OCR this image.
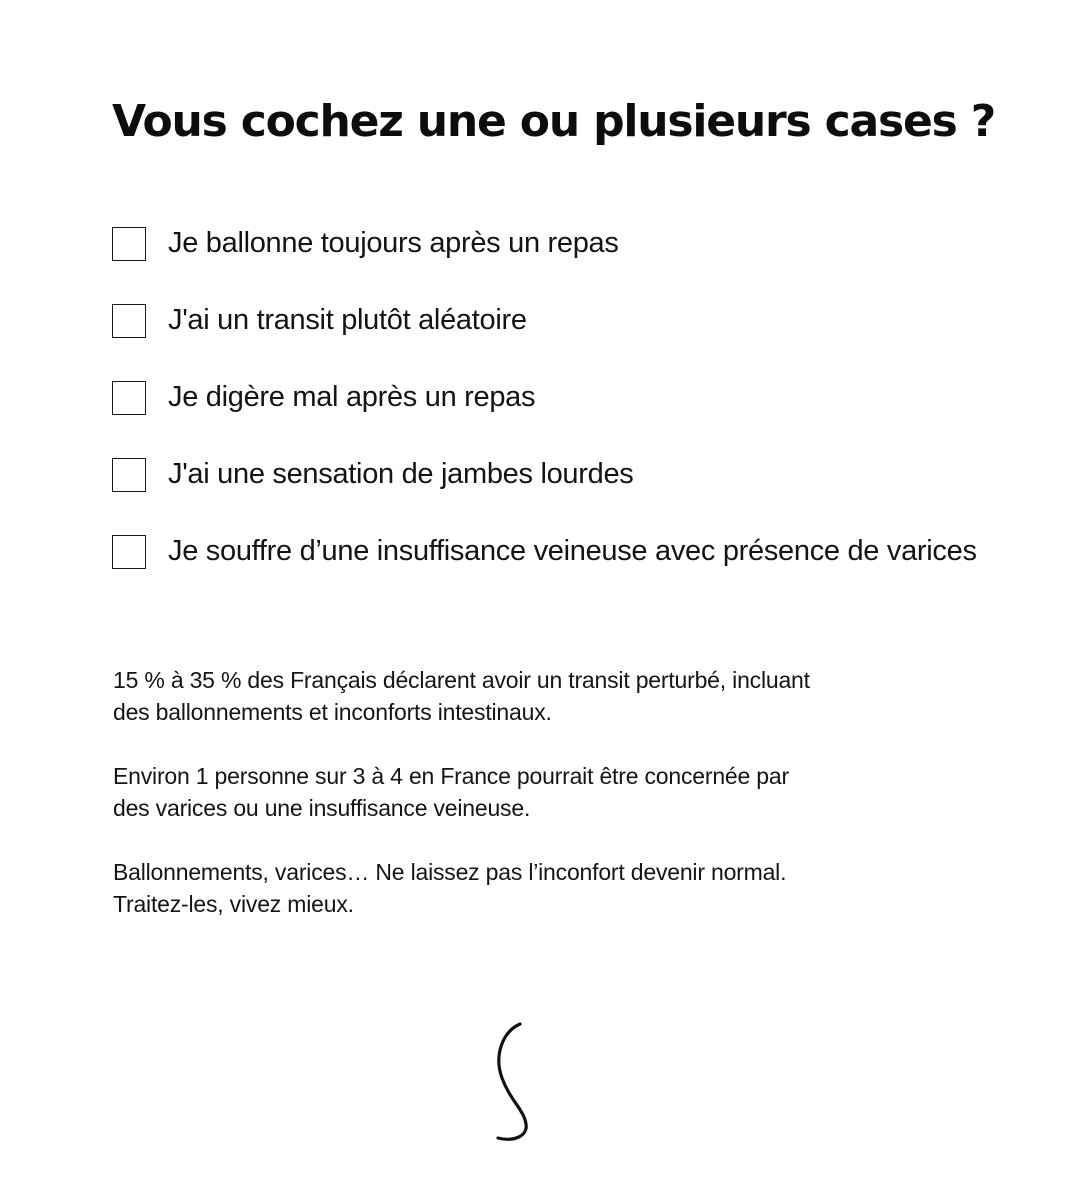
Vous cochez une ou plusieurs cases ?
Je ballonne toujours après un repas
J'ai un transit plutôt aléatoire
Je digère mal après un repas
J'ai une sensation de jambes lourdes
Je souffre d’une insuffisance veineuse avec présence de varices

15 % à 35 % des Français déclarent avoir un transit perturbé, incluant des ballonnements et inconforts intestinaux.

Environ 1 personne sur 3 à 4 en France pourrait être concernée par des varices ou une insuffisance veineuse.

Ballonnements, varices… Ne laissez pas l’inconfort devenir normal. Traitez-les, vivez mieux.
